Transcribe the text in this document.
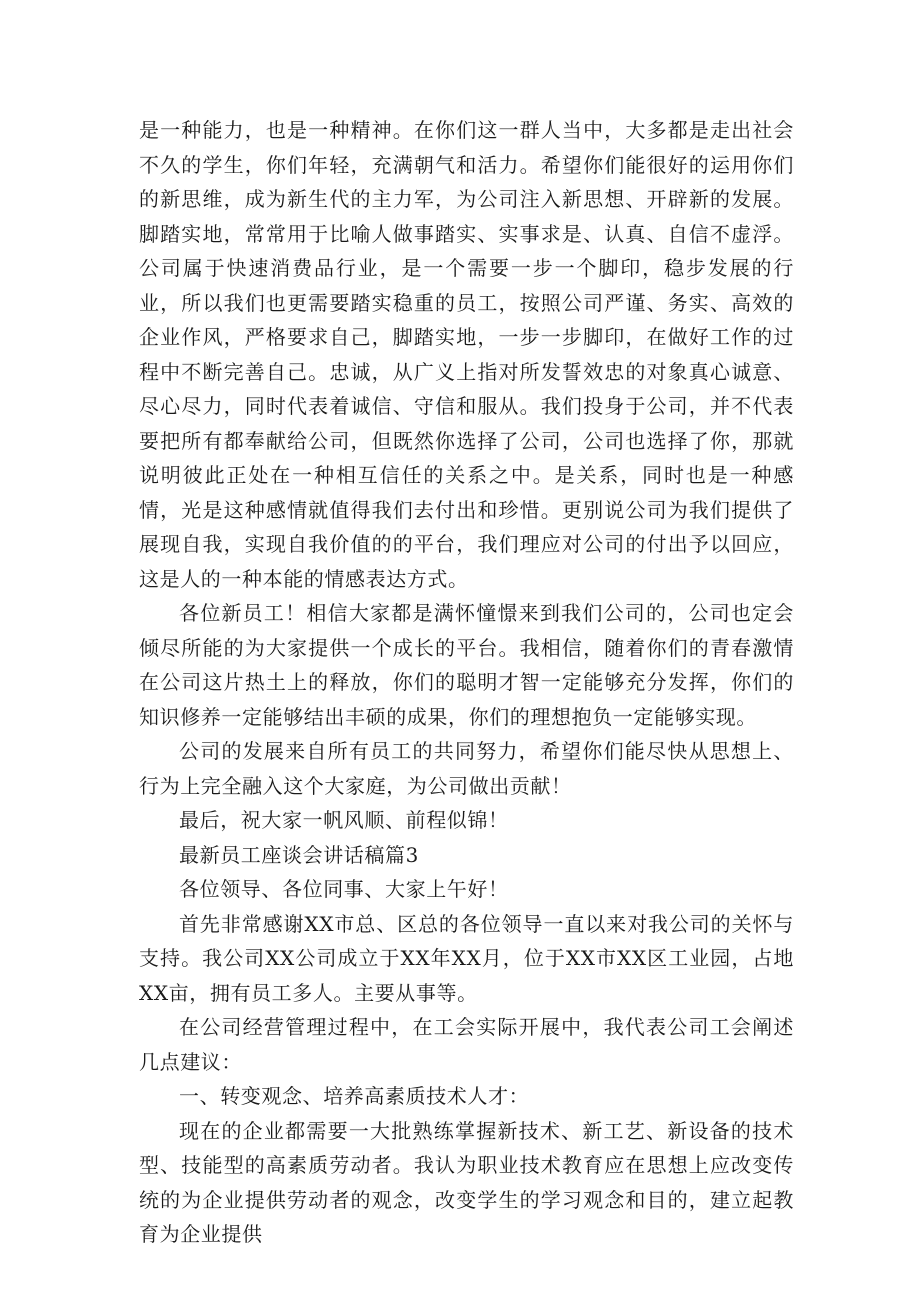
是一种能力，也是一种精神。在你们这一群人当中，大多都是走出社会不久的学生，你们年轻，充满朝气和活力。希望你们能很好的运用你们的新思维，成为新生代的主力军，为公司注入新思想、开辟新的发展。脚踏实地，常常用于比喻人做事踏实、实事求是、认真、自信不虚浮。公司属于快速消费品行业，是一个需要一步一个脚印，稳步发展的行业，所以我们也更需要踏实稳重的员工，按照公司严谨、务实、高效的企业作风，严格要求自己，脚踏实地，一步一步脚印，在做好工作的过程中不断完善自己。忠诚，从广义上指对所发誓效忠的对象真心诚意、尽心尽力，同时代表着诚信、守信和服从。我们投身于公司，并不代表要把所有都奉献给公司，但既然你选择了公司，公司也选择了你，那就说明彼此正处在一种相互信任的关系之中。是关系，同时也是一种感情，光是这种感情就值得我们去付出和珍惜。更别说公司为我们提供了展现自我，实现自我价值的的平台，我们理应对公司的付出予以回应，这是人的一种本能的情感表达方式。

各位新员工！相信大家都是满怀憧憬来到我们公司的，公司也定会倾尽所能的为大家提供一个成长的平台。我相信，随着你们的青春激情在公司这片热土上的释放，你们的聪明才智一定能够充分发挥，你们的知识修养一定能够结出丰硕的成果，你们的理想抱负一定能够实现。

公司的发展来自所有员工的共同努力，希望你们能尽快从思想上、行为上完全融入这个大家庭，为公司做出贡献！

最后，祝大家一帆风顺、前程似锦！

最新员工座谈会讲话稿篇3

各位领导、各位同事、大家上午好！

首先非常感谢XX市总、区总的各位领导一直以来对我公司的关怀与支持。我公司XX公司成立于XX年XX月，位于XX市XX区工业园，占地XX亩，拥有员工多人。主要从事等。

在公司经营管理过程中，在工会实际开展中，我代表公司工会阐述几点建议：

一、转变观念、培养高素质技术人才：

现在的企业都需要一大批熟练掌握新技术、新工艺、新设备的技术型、技能型的高素质劳动者。我认为职业技术教育应在思想上应改变传统的为企业提供劳动者的观念，改变学生的学习观念和目的，建立起教育为企业提供
